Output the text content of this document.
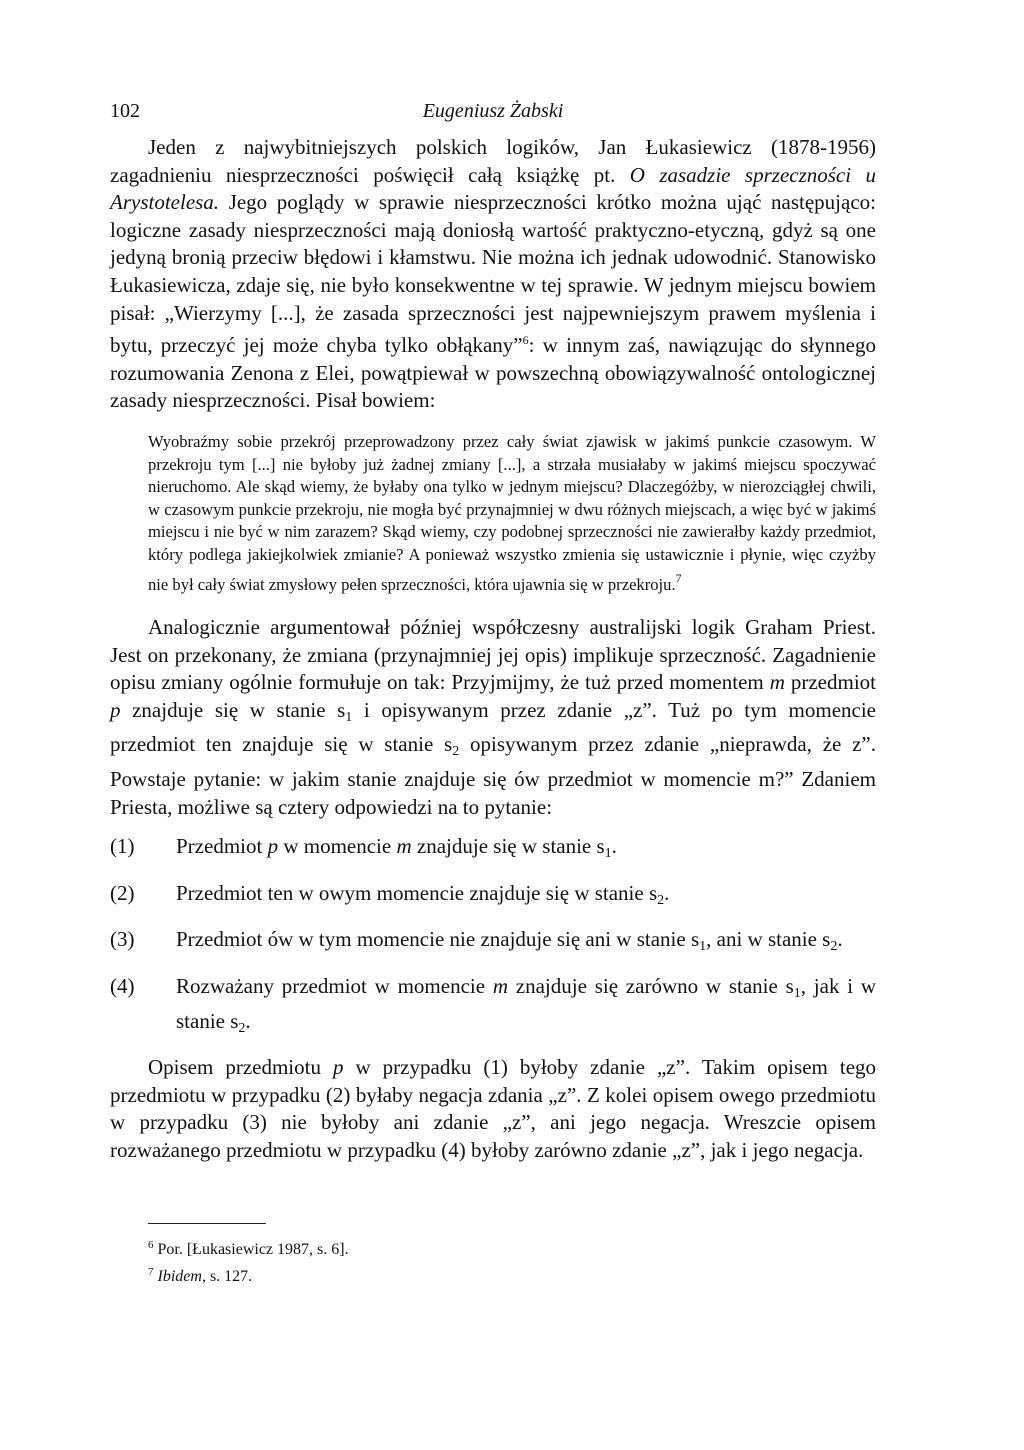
102	Eugeniusz Żabski

Jeden z najwybitniejszych polskich logików, Jan Łukasiewicz (1878-1956) zagadnieniu niesprzeczności poświęcił całą książkę pt. O zasadzie sprzeczności u Arystotelesa. Jego poglądy w sprawie niesprzeczności krótko można ująć następująco: logiczne zasady niesprzeczności mają doniosłą wartość praktyczno-etyczną, gdyż są one jedyną bronią przeciw błędowi i kłamstwu. Nie można ich jednak udowodnić. Stanowisko Łukasiewicza, zdaje się, nie było konsekwentne w tej sprawie. W jednym miejscu bowiem pisał: „Wierzymy [...], że zasada sprzeczności jest najpewniejszym prawem myślenia i bytu, przeczyć jej może chyba tylko obłąkany”$^6$: w innym zaś, nawiązując do słynnego rozumowania Zenona z Elei, powątpiewał w powszechną obowiązywalność ontologicznej zasady niesprzeczności. Pisał bowiem:

Wyobraźmy sobie przekrój przeprowadzony przez cały świat zjawisk w jakimś punkcie czasowym. W przekroju tym [...] nie byłoby już żadnej zmiany [...], a strzała musiałaby w jakimś miejscu spoczywać nieruchomo. Ale skąd wiemy, że byłaby ona tylko w jednym miejscu? Dlaczegóżby, w nierozciągłej chwili, w czasowym punkcie przekroju, nie mogła być przynajmniej w dwu różnych miejscach, a więc być w jakimś miejscu i nie być w nim zarazem? Skąd wiemy, czy podobnej sprzeczności nie zawierałby każdy przedmiot, który podlega jakiejkolwiek zmianie? A ponieważ wszystko zmienia się ustawicznie i płynie, więc czyżby nie był cały świat zmysłowy pełen sprzeczności, która ujawnia się w przekroju.$^7$

Analogicznie argumentował później współczesny australijski logik Graham Priest. Jest on przekonany, że zmiana (przynajmniej jej opis) implikuje sprzeczność. Zagadnienie opisu zmiany ogólnie formułuje on tak: Przyjmijmy, że tuż przed momentem m przedmiot p znajduje się w stanie $s_1$ i opisywanym przez zdanie „z”. Tuż po tym momencie przedmiot ten znajduje się w stanie $s_2$ opisywanym przez zdanie „nieprawda, że z”. Powstaje pytanie: w jakim stanie znajduje się ów przedmiot w momencie m?” Zdaniem Priesta, możliwe są cztery odpowiedzi na to pytanie:

(1)	Przedmiot p w momencie m znajduje się w stanie $s_1$.
(2)	Przedmiot ten w owym momencie znajduje się w stanie $s_2$.
(3)	Przedmiot ów w tym momencie nie znajduje się ani w stanie $s_1$, ani w stanie $s_2$.
(4)	Rozważany przedmiot w momencie m znajduje się zarówno w stanie $s_1$, jak i w stanie $s_2$.

Opisem przedmiotu p w przypadku (1) byłoby zdanie „z”. Takim opisem tego przedmiotu w przypadku (2) byłaby negacja zdania „z”. Z kolei opisem owego przedmiotu w przypadku (3) nie byłoby ani zdanie „z”, ani jego negacja. Wreszcie opisem rozważanego przedmiotu w przypadku (4) byłoby zarówno zdanie „z”, jak i jego negacja.

$^6$ Por. [Łukasiewicz 1987, s. 6].
$^7$ Ibidem, s. 127.
